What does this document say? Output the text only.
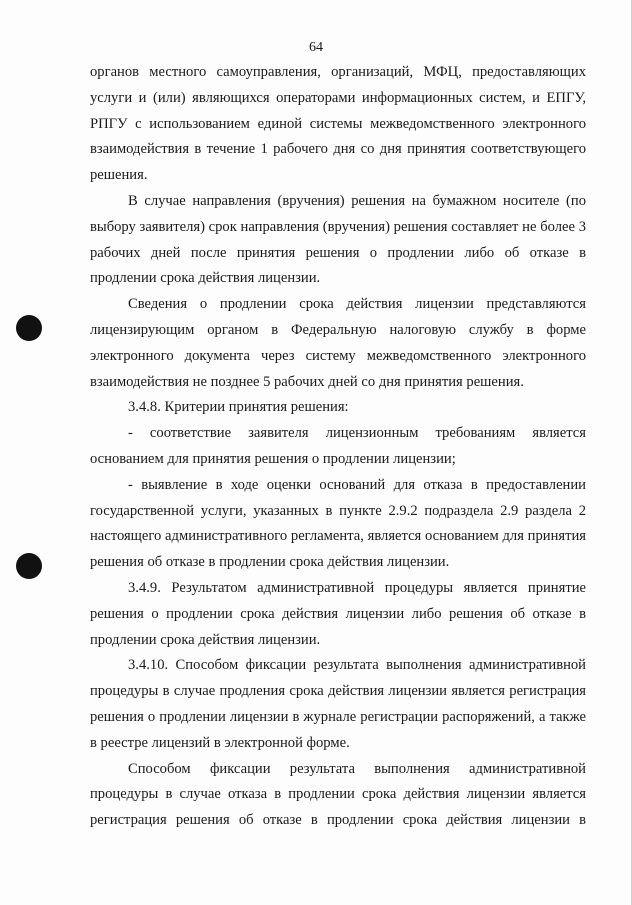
64

органов местного самоуправления, организаций, МФЦ, предоставляющих услуги и (или) являющихся операторами информационных систем, и ЕПГУ, РПГУ с использованием единой системы межведомственного электронного взаимодействия в течение 1 рабочего дня со дня принятия соответствующего решения.

В случае направления (вручения) решения на бумажном носителе (по выбору заявителя) срок направления (вручения) решения составляет не более 3 рабочих дней после принятия решения о продлении либо об отказе в продлении срока действия лицензии.

Сведения о продлении срока действия лицензии представляются лицензирующим органом в Федеральную налоговую службу в форме электронного документа через систему межведомственного электронного взаимодействия не позднее 5 рабочих дней со дня принятия решения.

3.4.8. Критерии принятия решения:

- соответствие заявителя лицензионным требованиям является основанием для принятия решения о продлении лицензии;

- выявление в ходе оценки оснований для отказа в предоставлении государственной услуги, указанных в пункте 2.9.2 подраздела 2.9 раздела 2 настоящего административного регламента, является основанием для принятия решения об отказе в продлении срока действия лицензии.

3.4.9. Результатом административной процедуры является принятие решения о продлении срока действия лицензии либо решения об отказе в продлении срока действия лицензии.

3.4.10. Способом фиксации результата выполнения административной процедуры в случае продления срока действия лицензии является регистрация решения о продлении лицензии в журнале регистрации распоряжений, а также в реестре лицензий в электронной форме.

Способом фиксации результата выполнения административной процедуры в случае отказа в продлении срока действия лицензии является регистрация решения об отказе в продлении срока действия лицензии в
